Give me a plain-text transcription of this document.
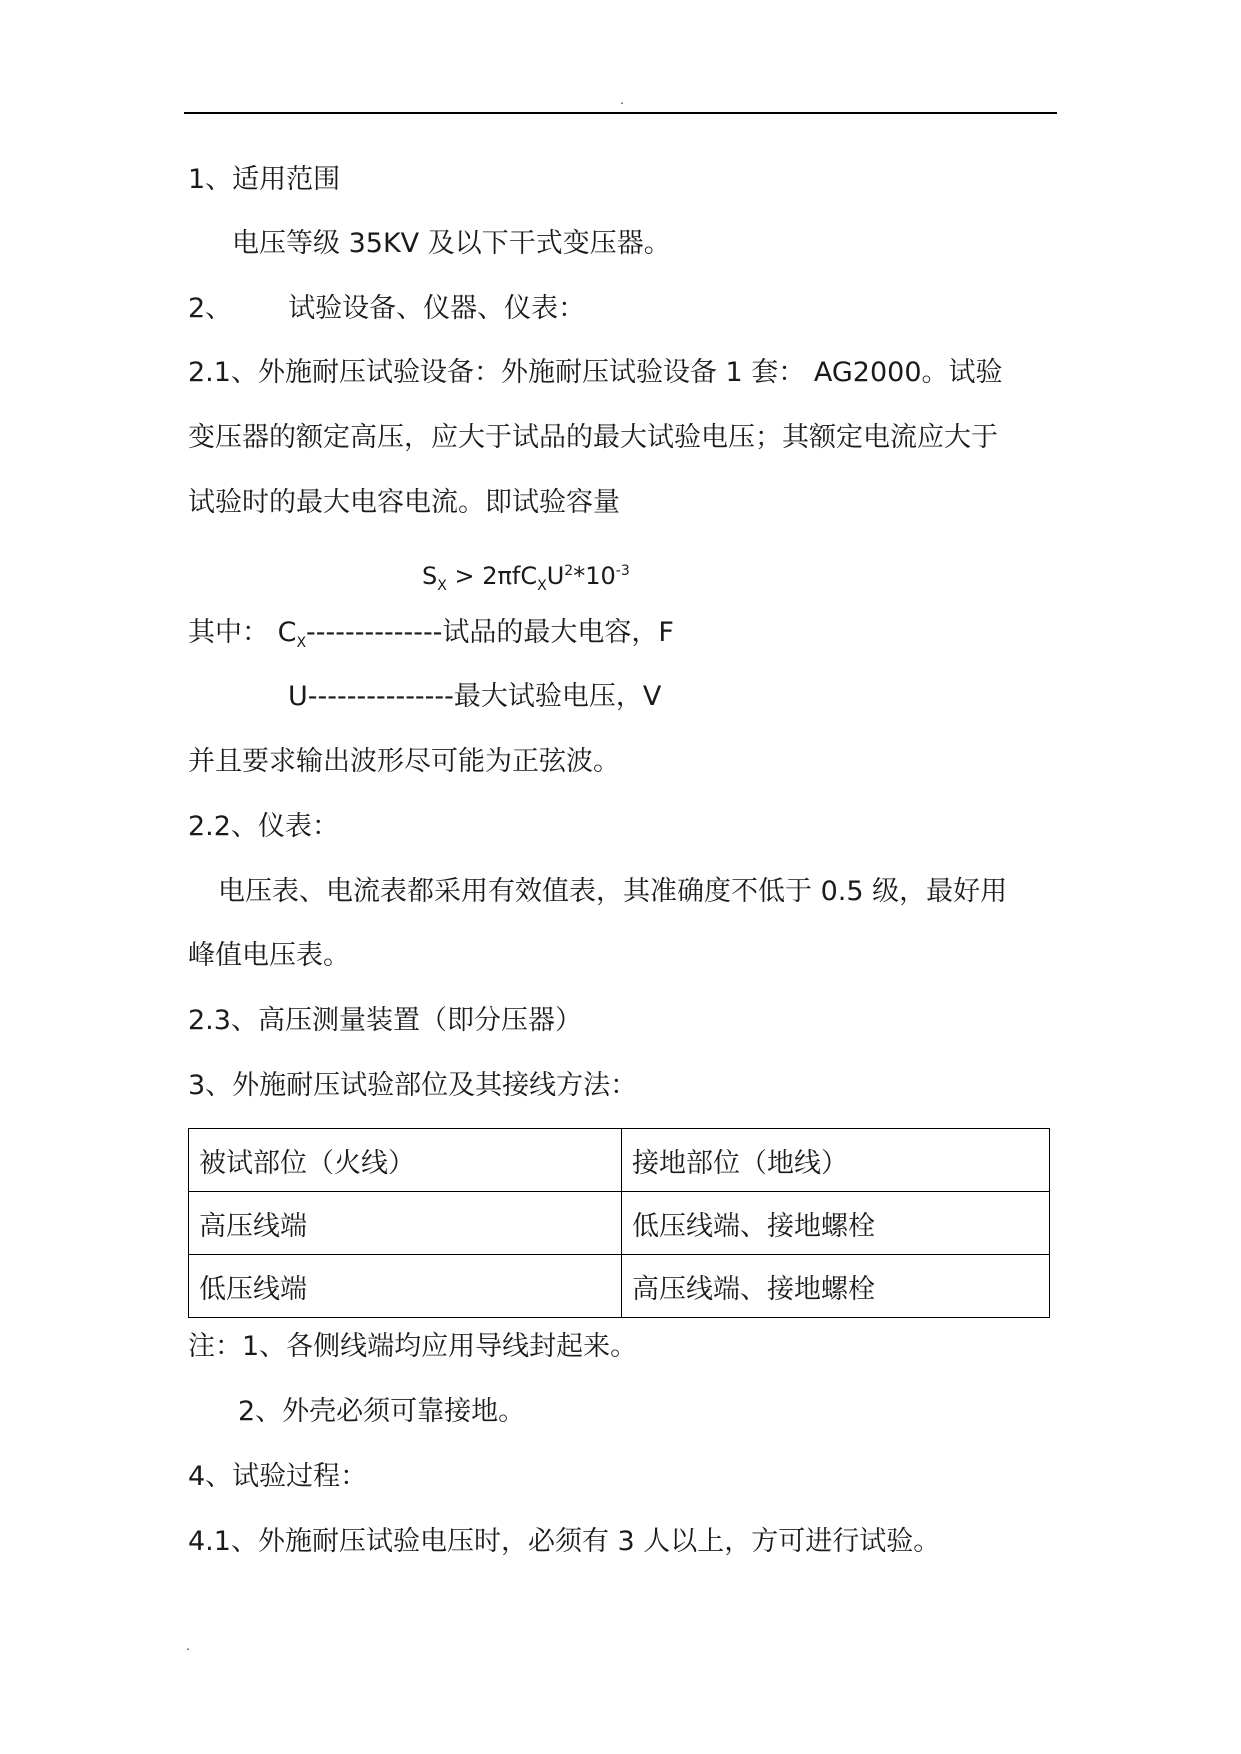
.
1、适用范围
电压等级 35KV 及以下干式变压器。
2、 试验设备、仪器、仪表：
2.1、外施耐压试验设备：外施耐压试验设备 1 套： AG2000。试验
变压器的额定高压，应大于试品的最大试验电压；其额定电流应大于
试验时的最大电容电流。即试验容量
$S_X > 2\pi fC_XU^2*10^{-3}$
其中： $C_X--------------$试品的最大电容，F
U---------------最大试验电压，V
并且要求输出波形尽可能为正弦波。
2.2、仪表：
电压表、电流表都采用有效值表，其准确度不低于 0.5 级，最好用
峰值电压表。
2.3、高压测量装置（即分压器）
3、外施耐压试验部位及其接线方法：
被试部位（火线）	接地部位（地线）
高压线端	低压线端、接地螺栓
低压线端	高压线端、接地螺栓
注：1、各侧线端均应用导线封起来。
2、外壳必须可靠接地。
4、试验过程：
4.1、外施耐压试验电压时，必须有 3 人以上，方可进行试验。
.
